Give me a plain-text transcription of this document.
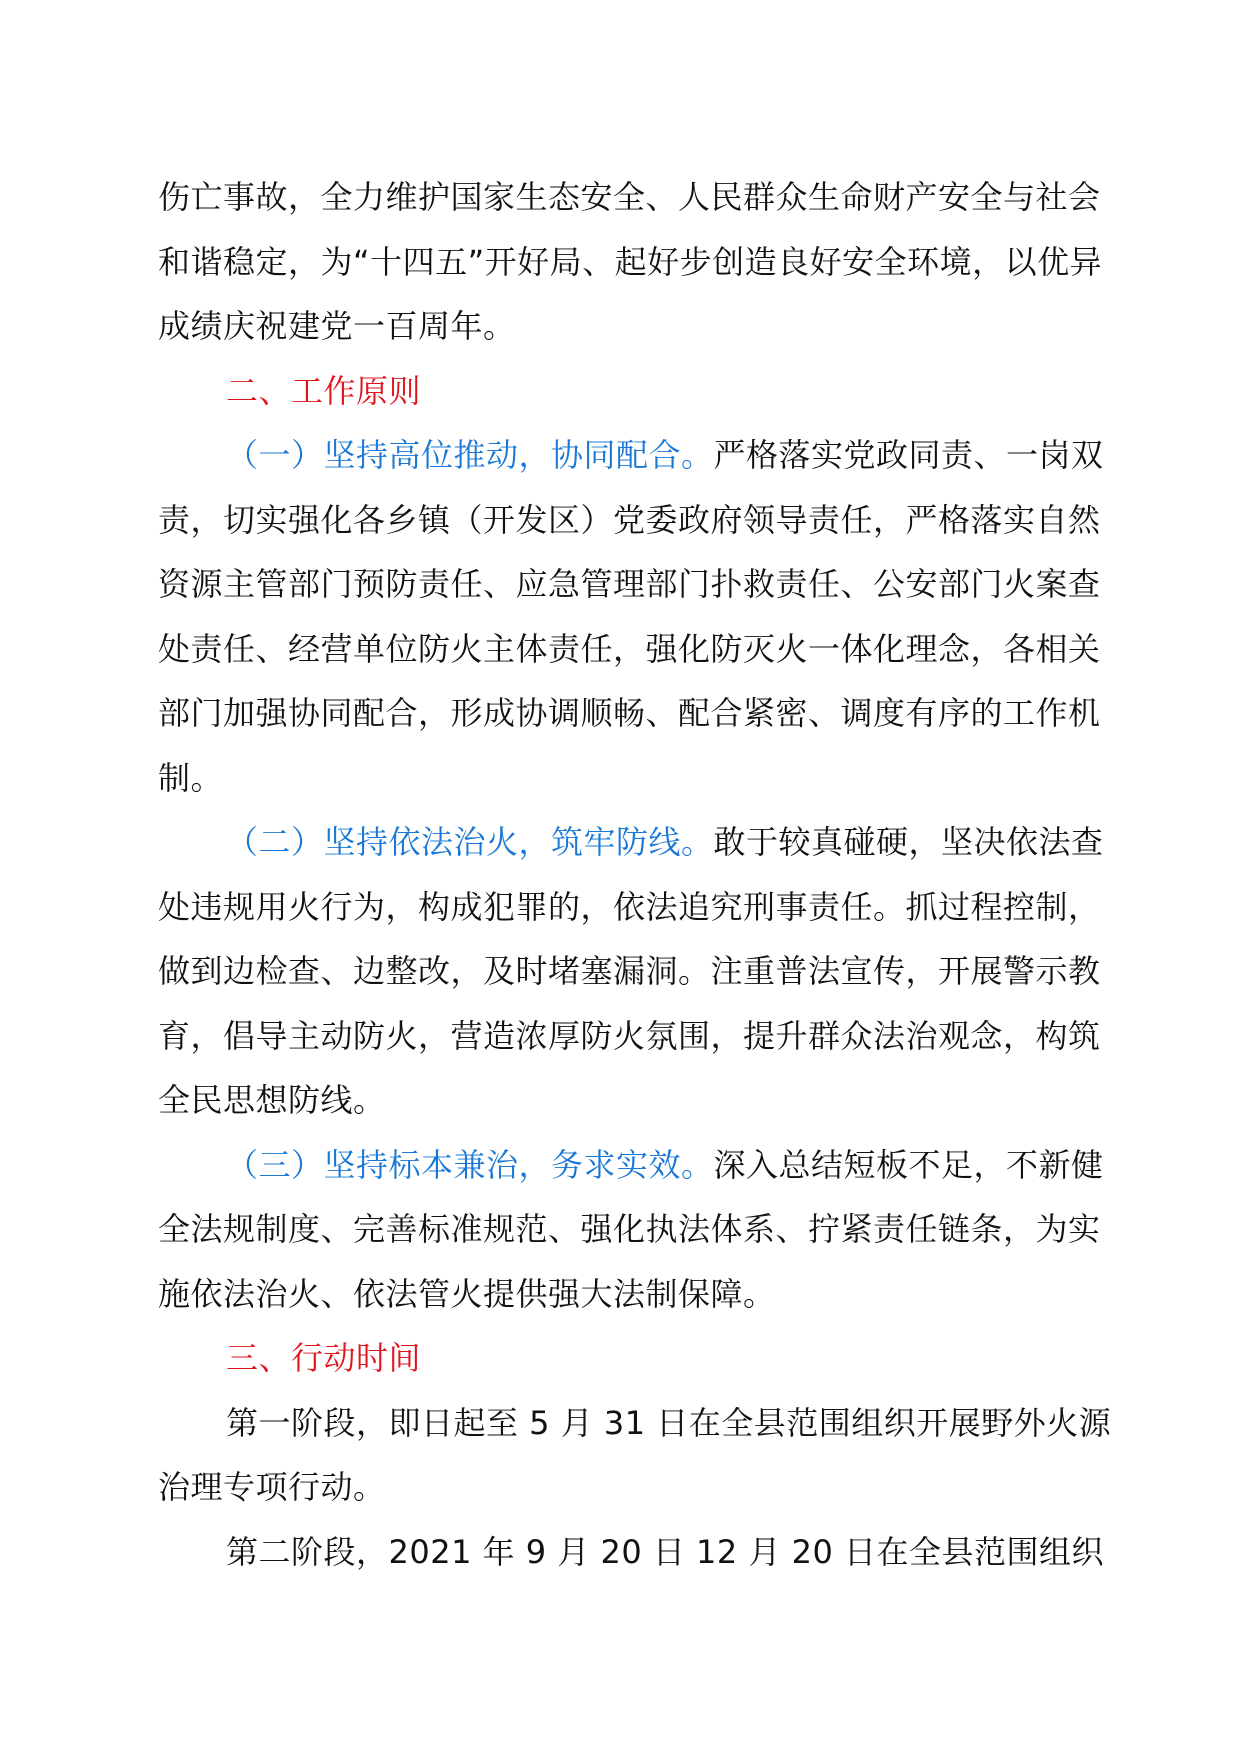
伤亡事故，全力维护国家生态安全、人民群众生命财产安全与社会和谐稳定，为“十四五”开好局、起好步创造良好安全环境，以优异成绩庆祝建党一百周年。

二、工作原则

（一）坚持高位推动，协同配合。严格落实党政同责、一岗双责，切实强化各乡镇（开发区）党委政府领导责任，严格落实自然资源主管部门预防责任、应急管理部门扑救责任、公安部门火案查处责任、经营单位防火主体责任，强化防灭火一体化理念，各相关部门加强协同配合，形成协调顺畅、配合紧密、调度有序的工作机制。

（二）坚持依法治火，筑牢防线。敢于较真碰硬，坚决依法查处违规用火行为，构成犯罪的，依法追究刑事责任。抓过程控制，做到边检查、边整改，及时堵塞漏洞。注重普法宣传，开展警示教育，倡导主动防火，营造浓厚防火氛围，提升群众法治观念，构筑全民思想防线。

（三）坚持标本兼治，务求实效。深入总结短板不足，不新健全法规制度、完善标准规范、强化执法体系、拧紧责任链条，为实施依法治火、依法管火提供强大法制保障。

三、行动时间

第一阶段，即日起至 5 月 31 日在全县范围组织开展野外火源治理专项行动。

第二阶段，2021 年 9 月 20 日 12 月 20 日在全县范围组织
